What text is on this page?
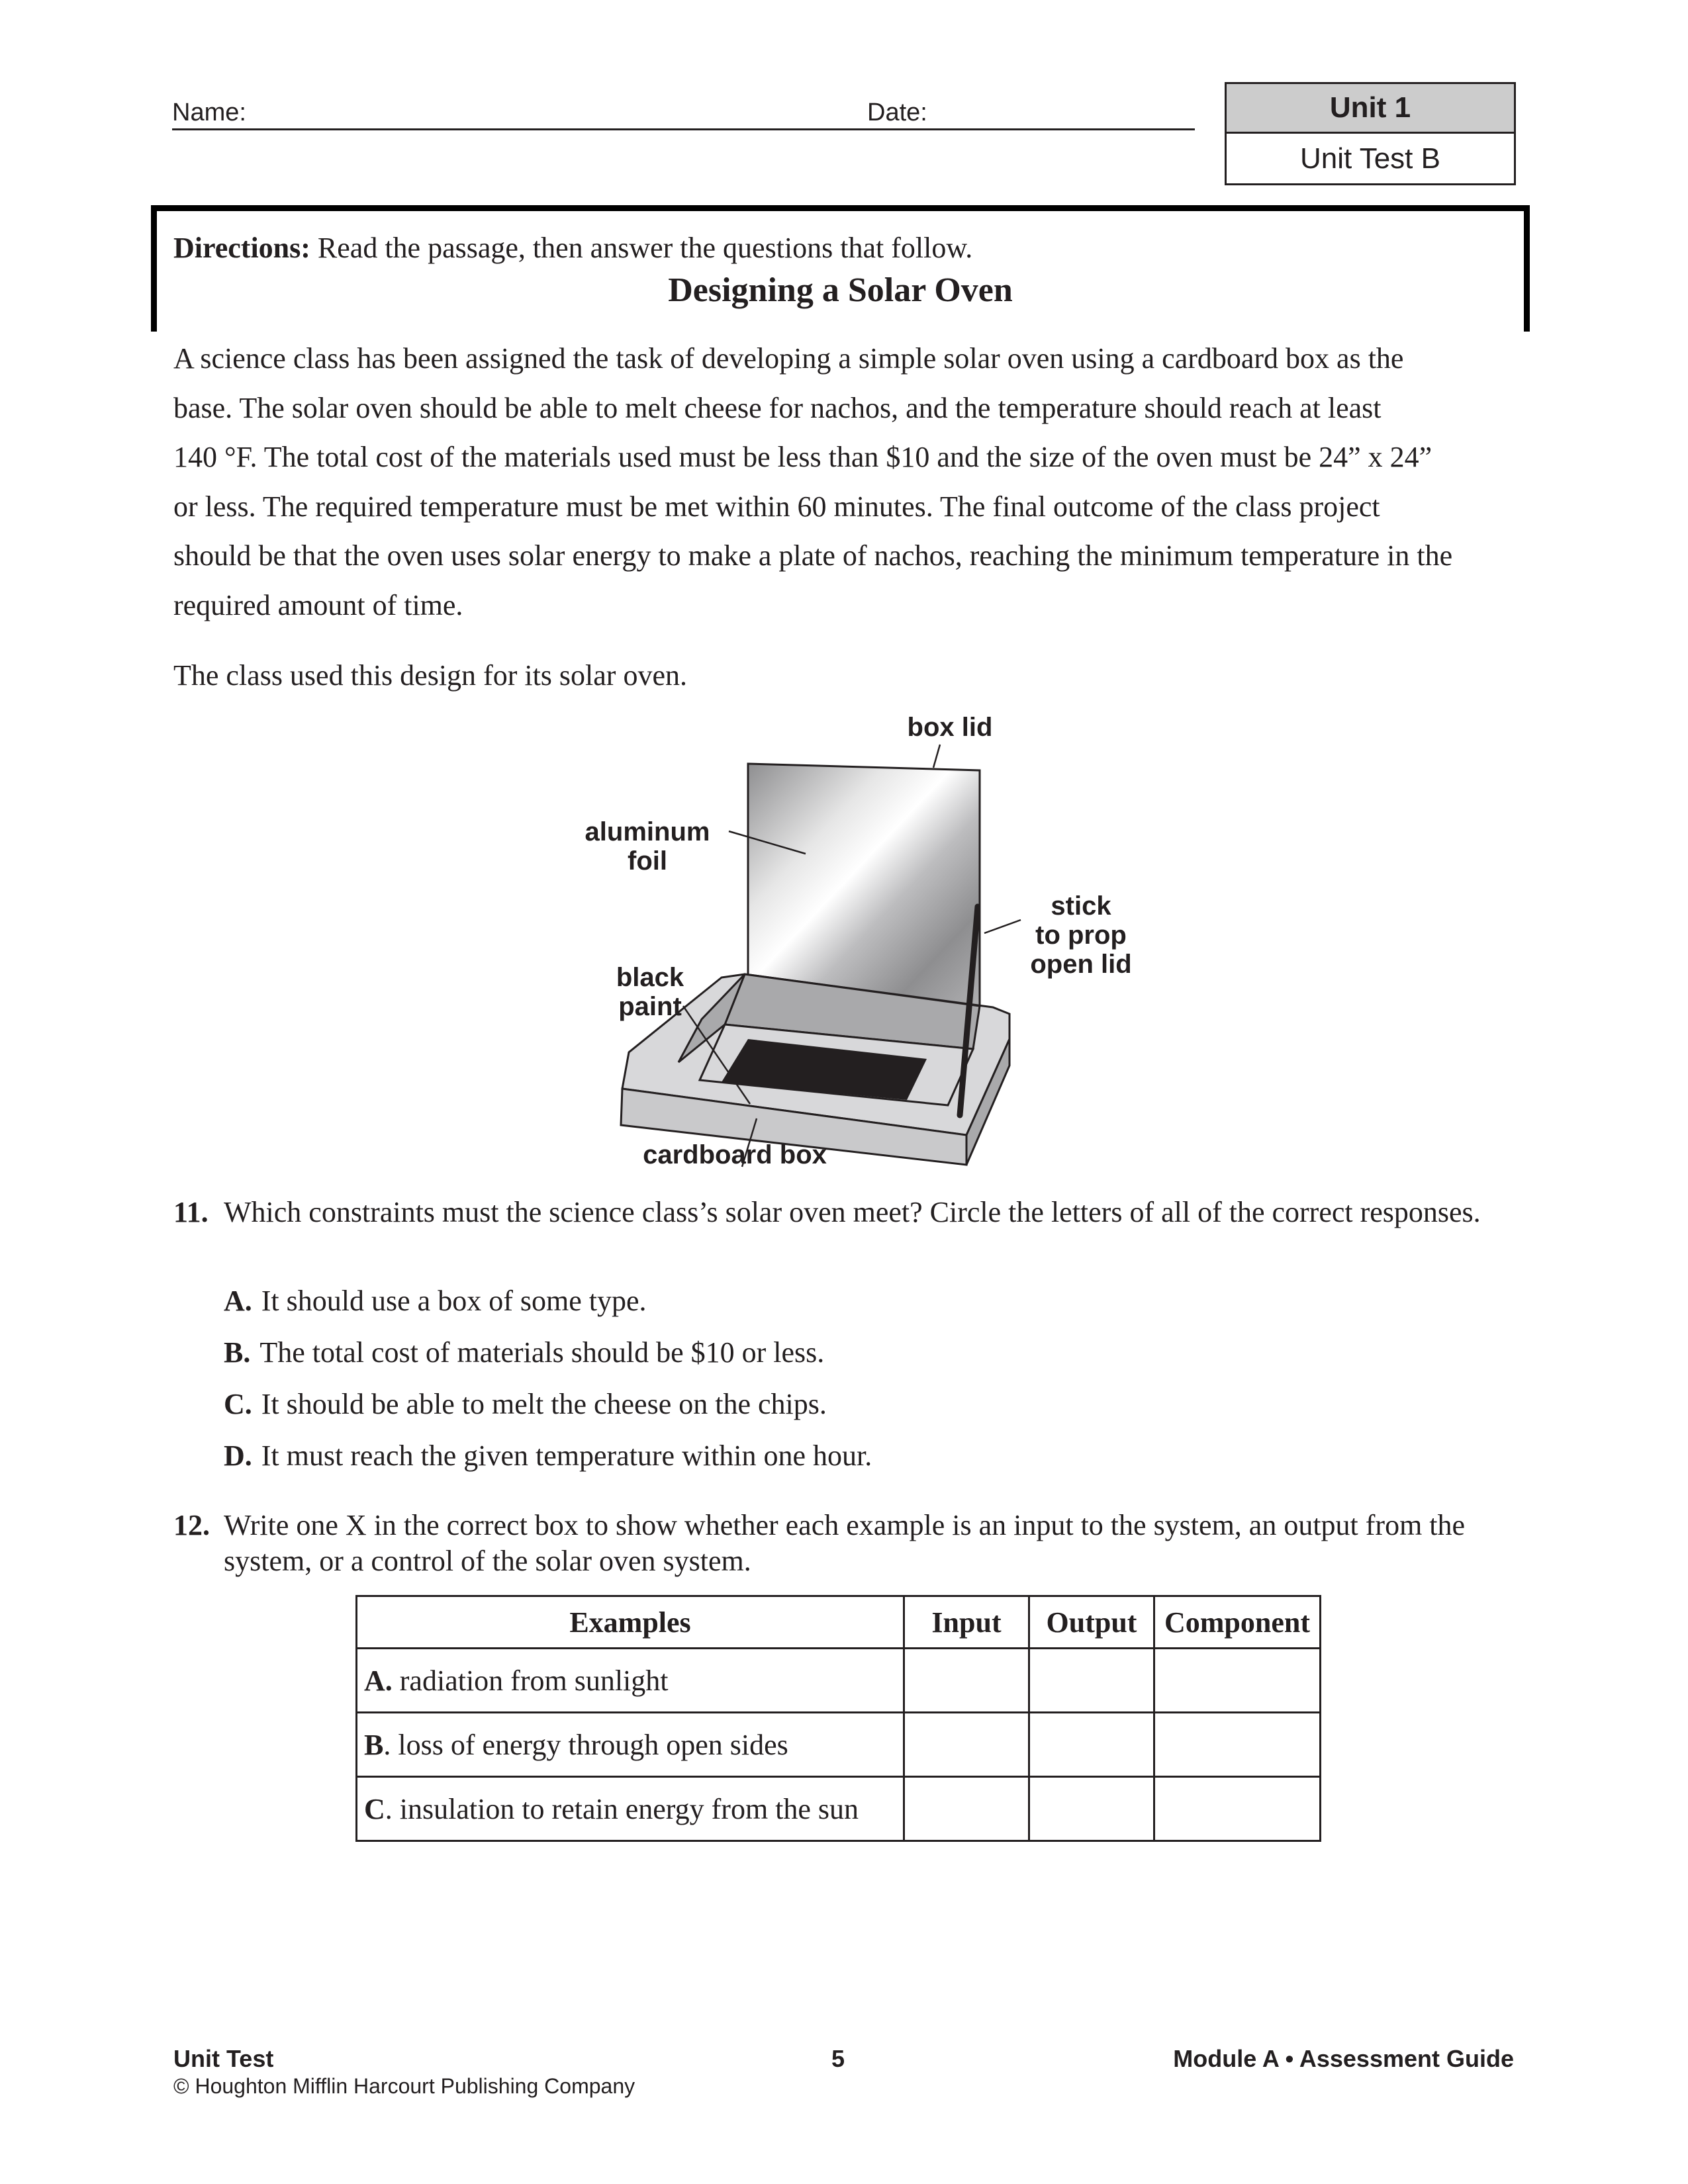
Name:	Date:	Unit 1
Unit Test B
Directions: Read the passage, then answer the questions that follow.
Designing a Solar Oven
A science class has been assigned the task of developing a simple solar oven using a cardboard box as the
base. The solar oven should be able to melt cheese for nachos, and the temperature should reach at least
140 °F. The total cost of the materials used must be less than $10 and the size of the oven must be 24” x 24”
or less. The required temperature must be met within 60 minutes. The final outcome of the class project
should be that the oven uses solar energy to make a plate of nachos, reaching the minimum temperature in the
required amount of time.
The class used this design for its solar oven.
box lid
aluminum
foil
stick
to prop
open lid
black
paint
cardboard box
11. Which constraints must the science class’s solar oven meet? Circle the letters of all of the correct responses.
A. It should use a box of some type.
B. The total cost of materials should be $10 or less.
C. It should be able to melt the cheese on the chips.
D. It must reach the given temperature within one hour.
12. Write one X in the correct box to show whether each example is an input to the system, an output from the system, or a control of the solar oven system.
Examples	Input	Output	Component
A. radiation from sunlight			
B. loss of energy through open sides			
C. insulation to retain energy from the sun			
Unit Test
© Houghton Mifflin Harcourt Publishing Company
5	Module A • Assessment Guide
